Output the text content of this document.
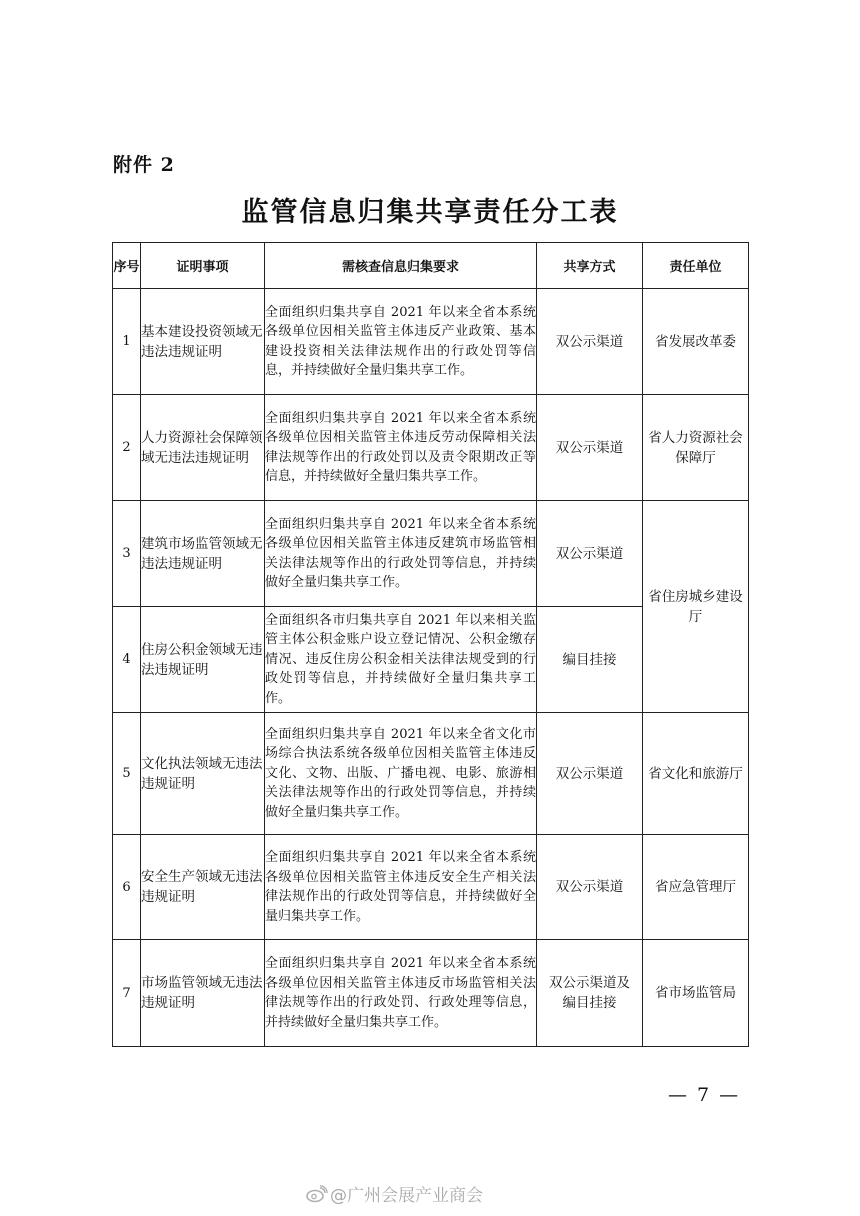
附件 2
监管信息归集共享责任分工表
序号	证明事项	需核查信息归集要求	共享方式	责任单位
1	基本建设投资领域无违法违规证明	全面组织归集共享自 2021 年以来全省本系统各级单位因相关监管主体违反产业政策、基本建设投资相关法律法规作出的行政处罚等信息，并持续做好全量归集共享工作。	双公示渠道	省发展改革委
2	人力资源社会保障领域无违法违规证明	全面组织归集共享自 2021 年以来全省本系统各级单位因相关监管主体违反劳动保障相关法律法规等作出的行政处罚以及责令限期改正等信息，并持续做好全量归集共享工作。	双公示渠道	省人力资源社会保障厅
3	建筑市场监管领域无违法违规证明	全面组织归集共享自 2021 年以来全省本系统各级单位因相关监管主体违反建筑市场监管相关法律法规等作出的行政处罚等信息，并持续做好全量归集共享工作。	双公示渠道	省住房城乡建设厅
4	住房公积金领域无违法违规证明	全面组织各市归集共享自 2021 年以来相关监管主体公积金账户设立登记情况、公积金缴存情况、违反住房公积金相关法律法规受到的行政处罚等信息，并持续做好全量归集共享工作。	编目挂接	
5	文化执法领域无违法违规证明	全面组织归集共享自 2021 年以来全省文化市场综合执法系统各级单位因相关监管主体违反文化、文物、出版、广播电视、电影、旅游相关法律法规等作出的行政处罚等信息，并持续做好全量归集共享工作。	双公示渠道	省文化和旅游厅
6	安全生产领域无违法违规证明	全面组织归集共享自 2021 年以来全省本系统各级单位因相关监管主体违反安全生产相关法律法规作出的行政处罚等信息，并持续做好全量归集共享工作。	双公示渠道	省应急管理厅
7	市场监管领域无违法违规证明	全面组织归集共享自 2021 年以来全省本系统各级单位因相关监管主体违反市场监管相关法律法规等作出的行政处罚、行政处理等信息，并持续做好全量归集共享工作。	双公示渠道及编目挂接	省市场监管局
— 7 —
@广州会展产业商会
